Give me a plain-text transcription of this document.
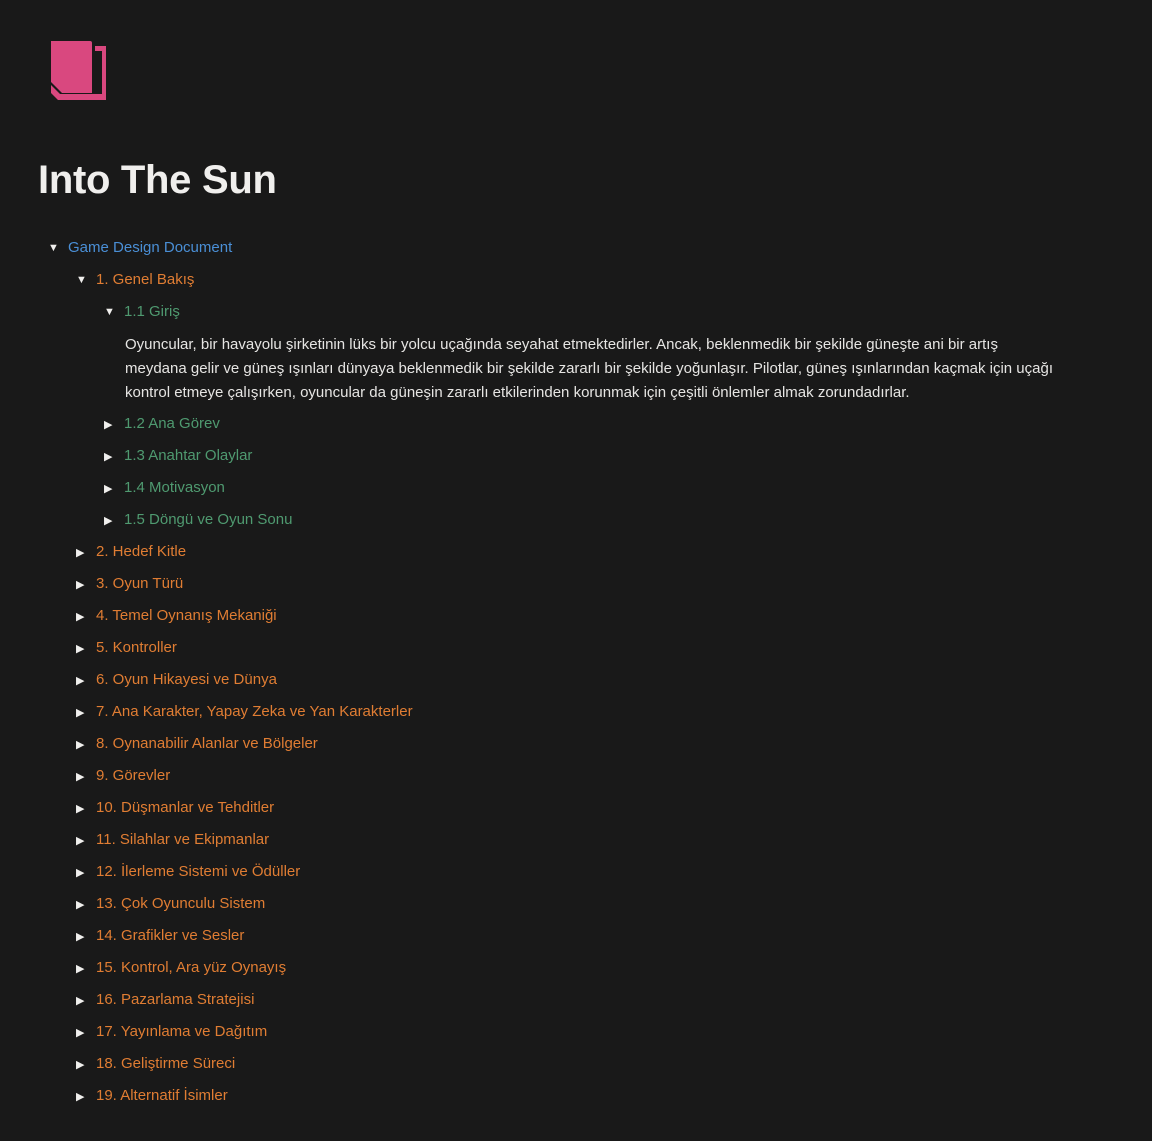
Into The Sun
▼ Game Design Document
▼ 1. Genel Bakış
▼ 1.1 Giriş

Oyuncular, bir havayolu şirketinin lüks bir yolcu uçağında seyahat etmektedirler. Ancak, beklenmedik bir şekilde güneşte ani bir artış meydana gelir ve güneş ışınları dünyaya beklenmedik bir şekilde zararlı bir şekilde yoğunlaşır. Pilotlar, güneş ışınlarından kaçmak için uçağı kontrol etmeye çalışırken, oyuncular da güneşin zararlı etkilerinden korunmak için çeşitli önlemler almak zorundadırlar.

▶ 1.2 Ana Görev
▶ 1.3 Anahtar Olaylar
▶ 1.4 Motivasyon
▶ 1.5 Döngü ve Oyun Sonu
▶ 2. Hedef Kitle
▶ 3. Oyun Türü
▶ 4. Temel Oynanış Mekaniği
▶ 5. Kontroller
▶ 6. Oyun Hikayesi ve Dünya
▶ 7. Ana Karakter, Yapay Zeka ve Yan Karakterler
▶ 8. Oynanabilir Alanlar ve Bölgeler
▶ 9. Görevler
▶ 10. Düşmanlar ve Tehditler
▶ 11. Silahlar ve Ekipmanlar
▶ 12. İlerleme Sistemi ve Ödüller
▶ 13. Çok Oyunculu Sistem
▶ 14. Grafikler ve Sesler
▶ 15. Kontrol, Ara yüz Oynayış
▶ 16. Pazarlama Stratejisi
▶ 17. Yayınlama ve Dağıtım
▶ 18. Geliştirme Süreci
▶ 19. Alternatif İsimler
